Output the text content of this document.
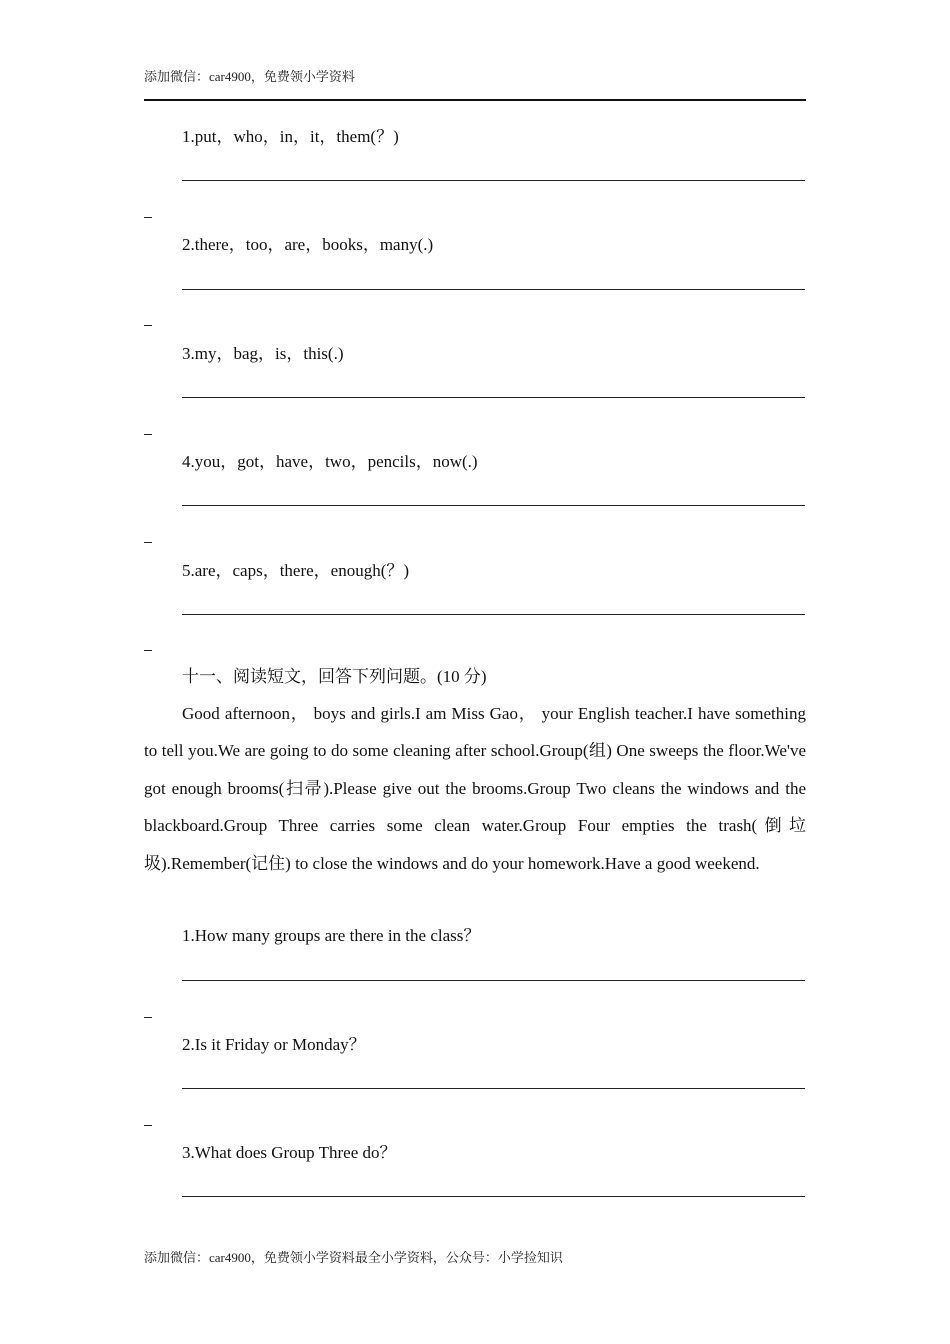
添加微信：car4900，免费领小学资料
1.put，who，in，it，them(？)
2.there，too，are，books，many(.)
3.my，bag，is，this(.)
4.you，got，have，two，pencils，now(.)
5.are，caps，there，enough(？)
十一、阅读短文，回答下列问题。(10 分)

Good afternoon， boys and girls.I am Miss Gao， your English teacher.I have something to tell you.We are going to do some cleaning after school.Group(组) One sweeps the floor.We've got enough brooms(扫帚).Please give out the brooms.Group Two cleans the windows and the blackboard.Group Three carries some clean water.Group Four empties the trash(倒垃圾).Remember(记住) to close the windows and do your homework.Have a good weekend.

1.How many groups are there in the class？
2.Is it Friday or Monday？
3.What does Group Three do？
添加微信：car4900，免费领小学资料最全小学资料，公众号：小学捡知识
